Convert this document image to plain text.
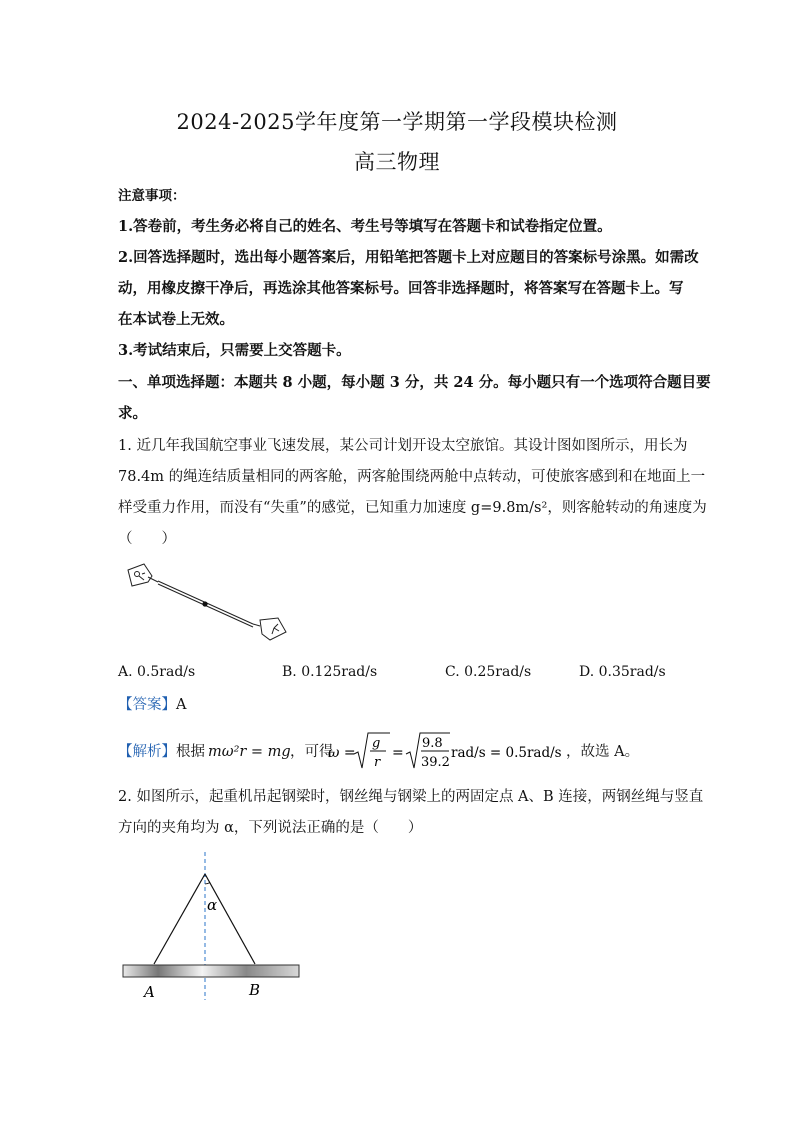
2024-2025学年度第一学期第一学段模块检测
高三物理
注意事项：
1.答卷前，考生务必将自己的姓名、考生号等填写在答题卡和试卷指定位置。
2.回答选择题时，选出每小题答案后，用铅笔把答题卡上对应题目的答案标号涂黑。如需改
动，用橡皮擦干净后，再选涂其他答案标号。回答非选择题时，将答案写在答题卡上。写
在本试卷上无效。
3.考试结束后，只需要上交答题卡。
一、单项选择题：本题共 8 小题，每小题 3 分，共 24 分。每小题只有一个选项符合题目要
求。
1. 近几年我国航空事业飞速发展，某公司计划开设太空旅馆。其设计图如图所示，用长为
78.4m 的绳连结质量相同的两客舱，两客舱围绕两舱中点转动，可使旅客感到和在地面上一
样受重力作用，而没有“失重”的感觉，已知重力加速度 g=9.8m/s²，则客舱转动的角速度为
（　　）
A. 0.5rad/s	B. 0.125rad/s	C. 0.25rad/s	D. 0.35rad/s
【答案】A
【解析】 根据 mω²r = mg ，可得
ω =
g
r
=
9.8
39.2
rad/s = 0.5rad/s ，故选 A。
2. 如图所示，起重机吊起钢梁时，钢丝绳与钢梁上的两固定点 A、B 连接，两钢丝绳与竖直
方向的夹角均为 α，下列说法正确的是（　　）
α
A	B
